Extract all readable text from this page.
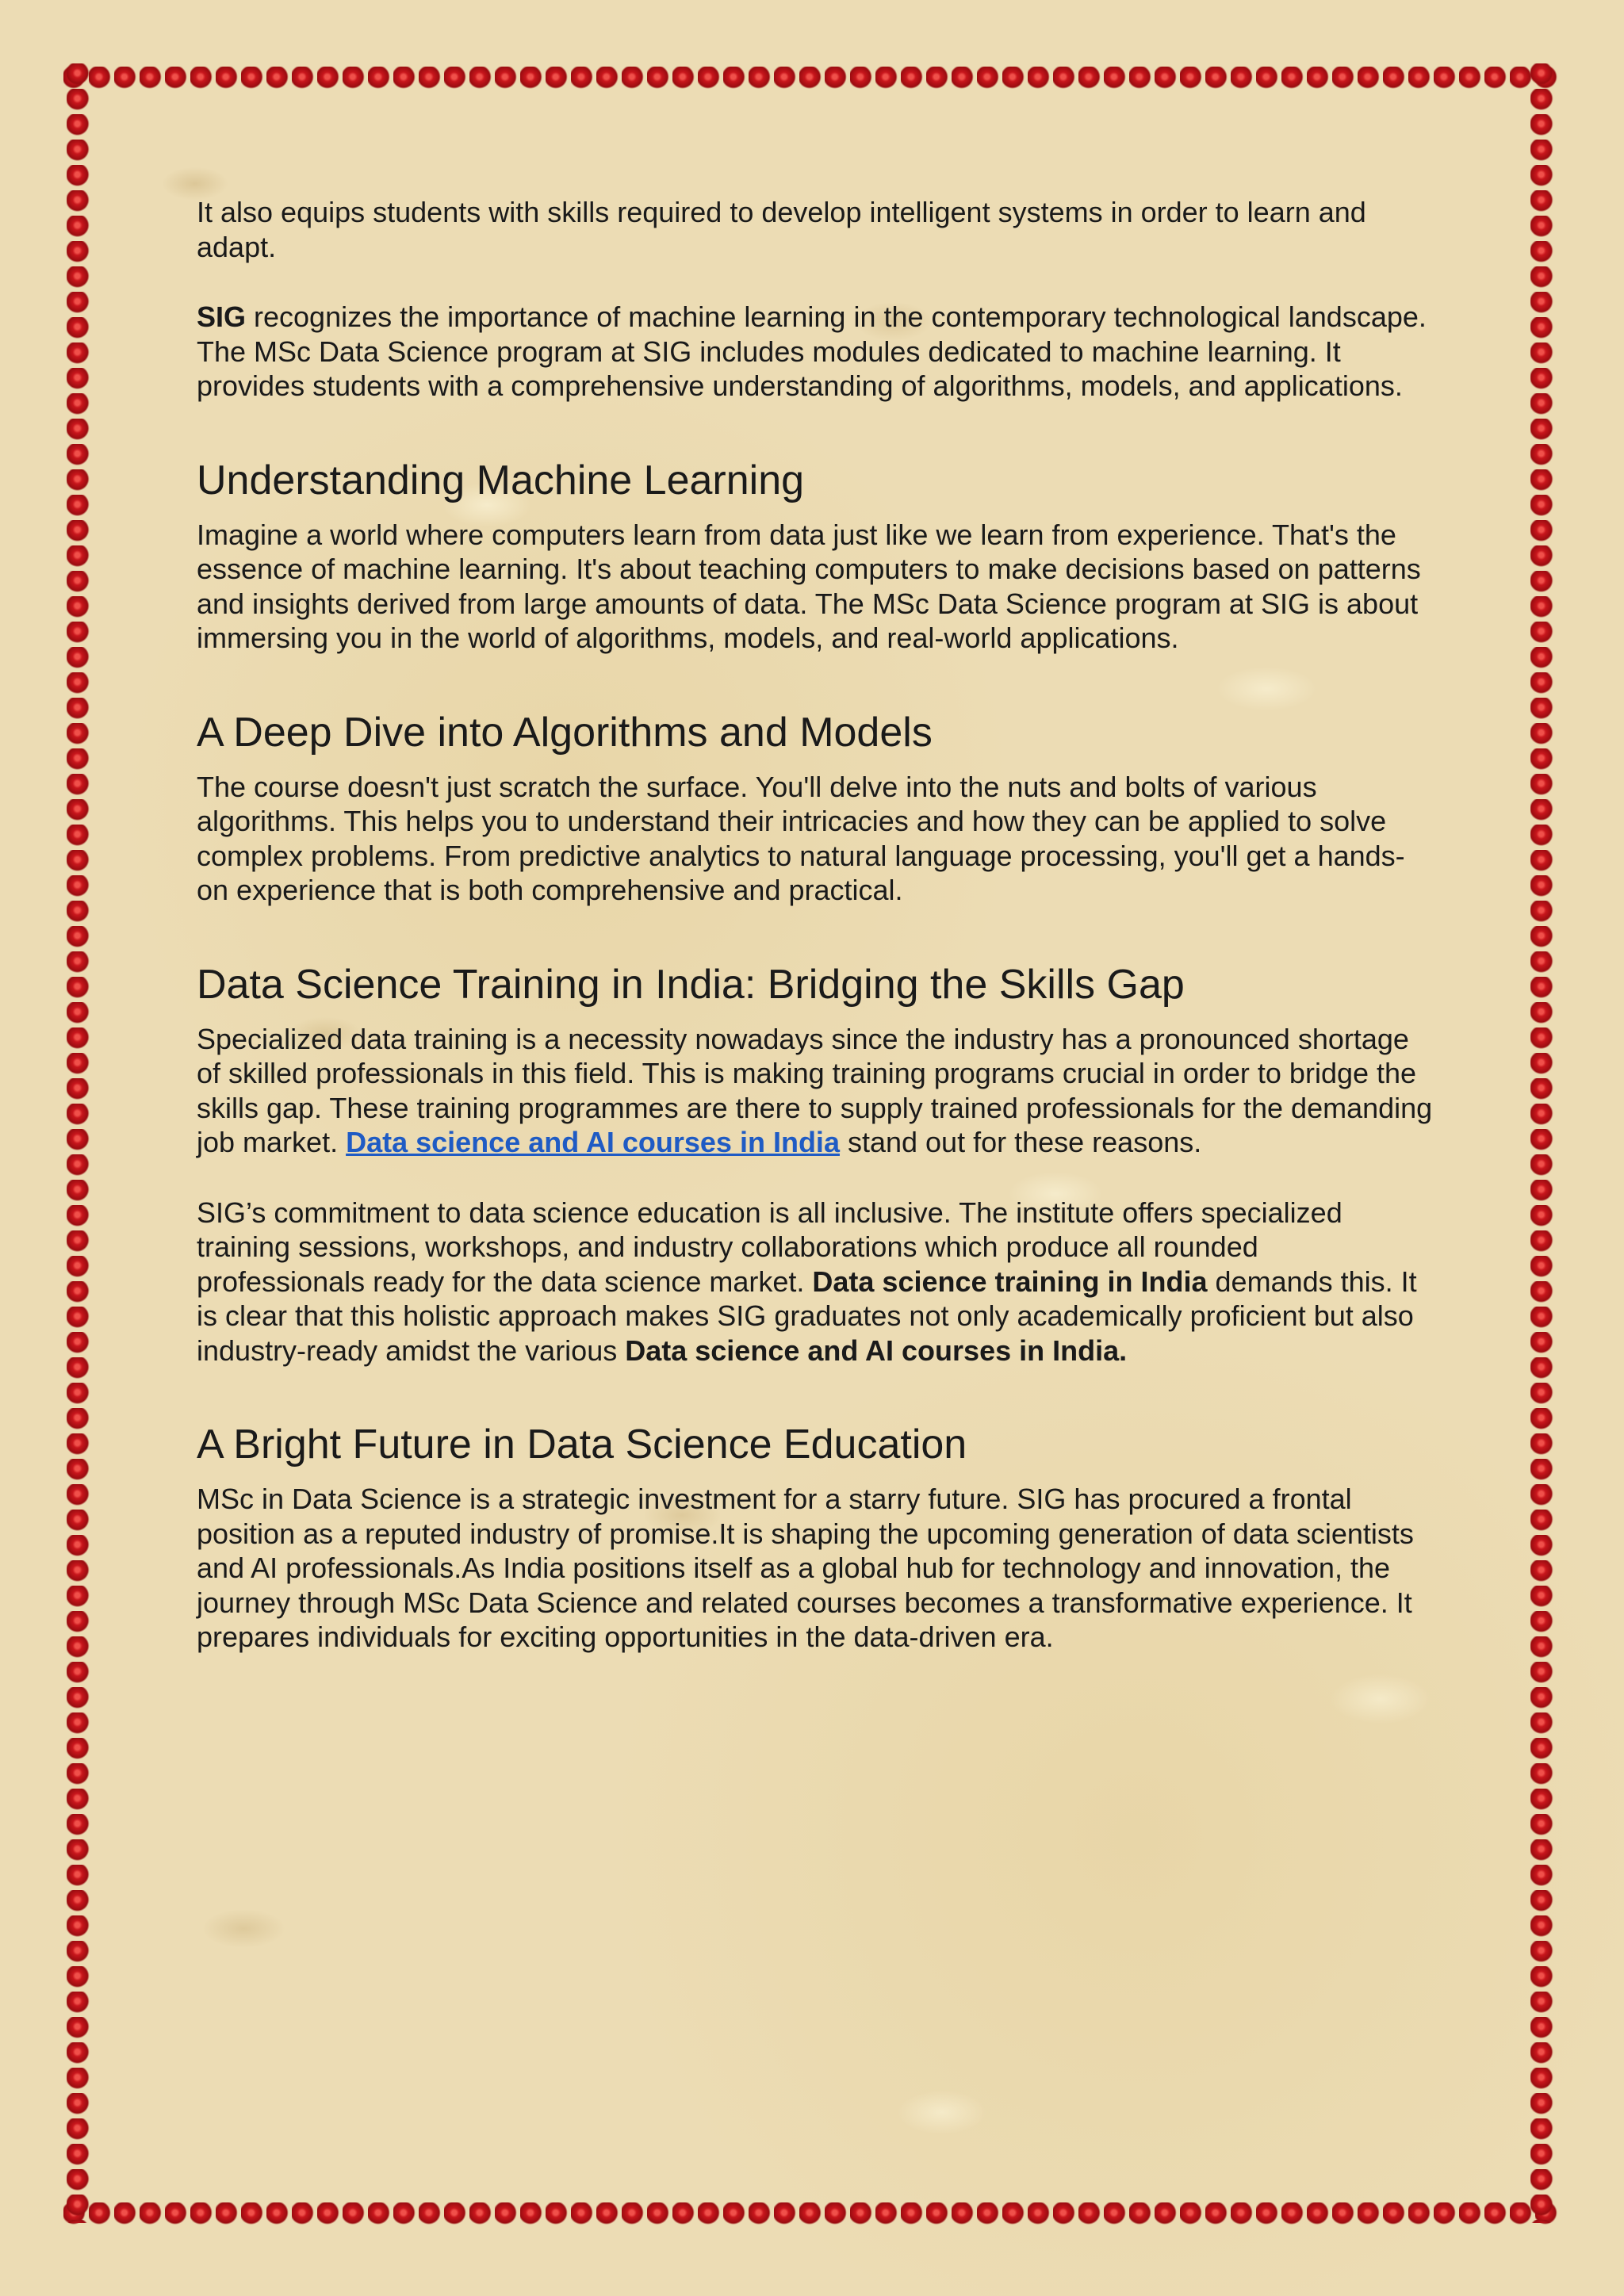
It also equips students with skills required to develop intelligent systems in order to learn and adapt.

SIG recognizes the importance of machine learning in the contemporary technological landscape. The MSc Data Science program at SIG includes modules dedicated to machine learning. It provides students with a comprehensive understanding of algorithms, models, and applications.

Understanding Machine Learning

Imagine a world where computers learn from data just like we learn from experience. That's the essence of machine learning. It's about teaching computers to make decisions based on patterns and insights derived from large amounts of data. The MSc Data Science program at SIG is about immersing you in the world of algorithms, models, and real-world applications.

A Deep Dive into Algorithms and Models

The course doesn't just scratch the surface. You'll delve into the nuts and bolts of various algorithms. This helps you to understand their intricacies and how they can be applied to solve complex problems. From predictive analytics to natural language processing, you'll get a hands-on experience that is both comprehensive and practical.

Data Science Training in India: Bridging the Skills Gap

Specialized data training is a necessity nowadays since the industry has a pronounced shortage of skilled professionals in this field. This is making training programs crucial in order to bridge the skills gap. These training programmes are there to supply trained professionals for the demanding job market. Data science and AI courses in India stand out for these reasons.

SIG’s commitment to data science education is all inclusive. The institute offers specialized training sessions, workshops, and industry collaborations which produce all rounded professionals ready for the data science market. Data science training in India demands this. It is clear that this holistic approach makes SIG graduates not only academically proficient but also industry-ready amidst the various Data science and AI courses in India.

A Bright Future in Data Science Education

MSc in Data Science is a strategic investment for a starry future. SIG has procured a frontal position as a reputed industry of promise.It is shaping the upcoming generation of data scientists and AI professionals.As India positions itself as a global hub for technology and innovation, the journey through MSc Data Science and related courses becomes a transformative experience. It prepares individuals for exciting opportunities in the data-driven era.
